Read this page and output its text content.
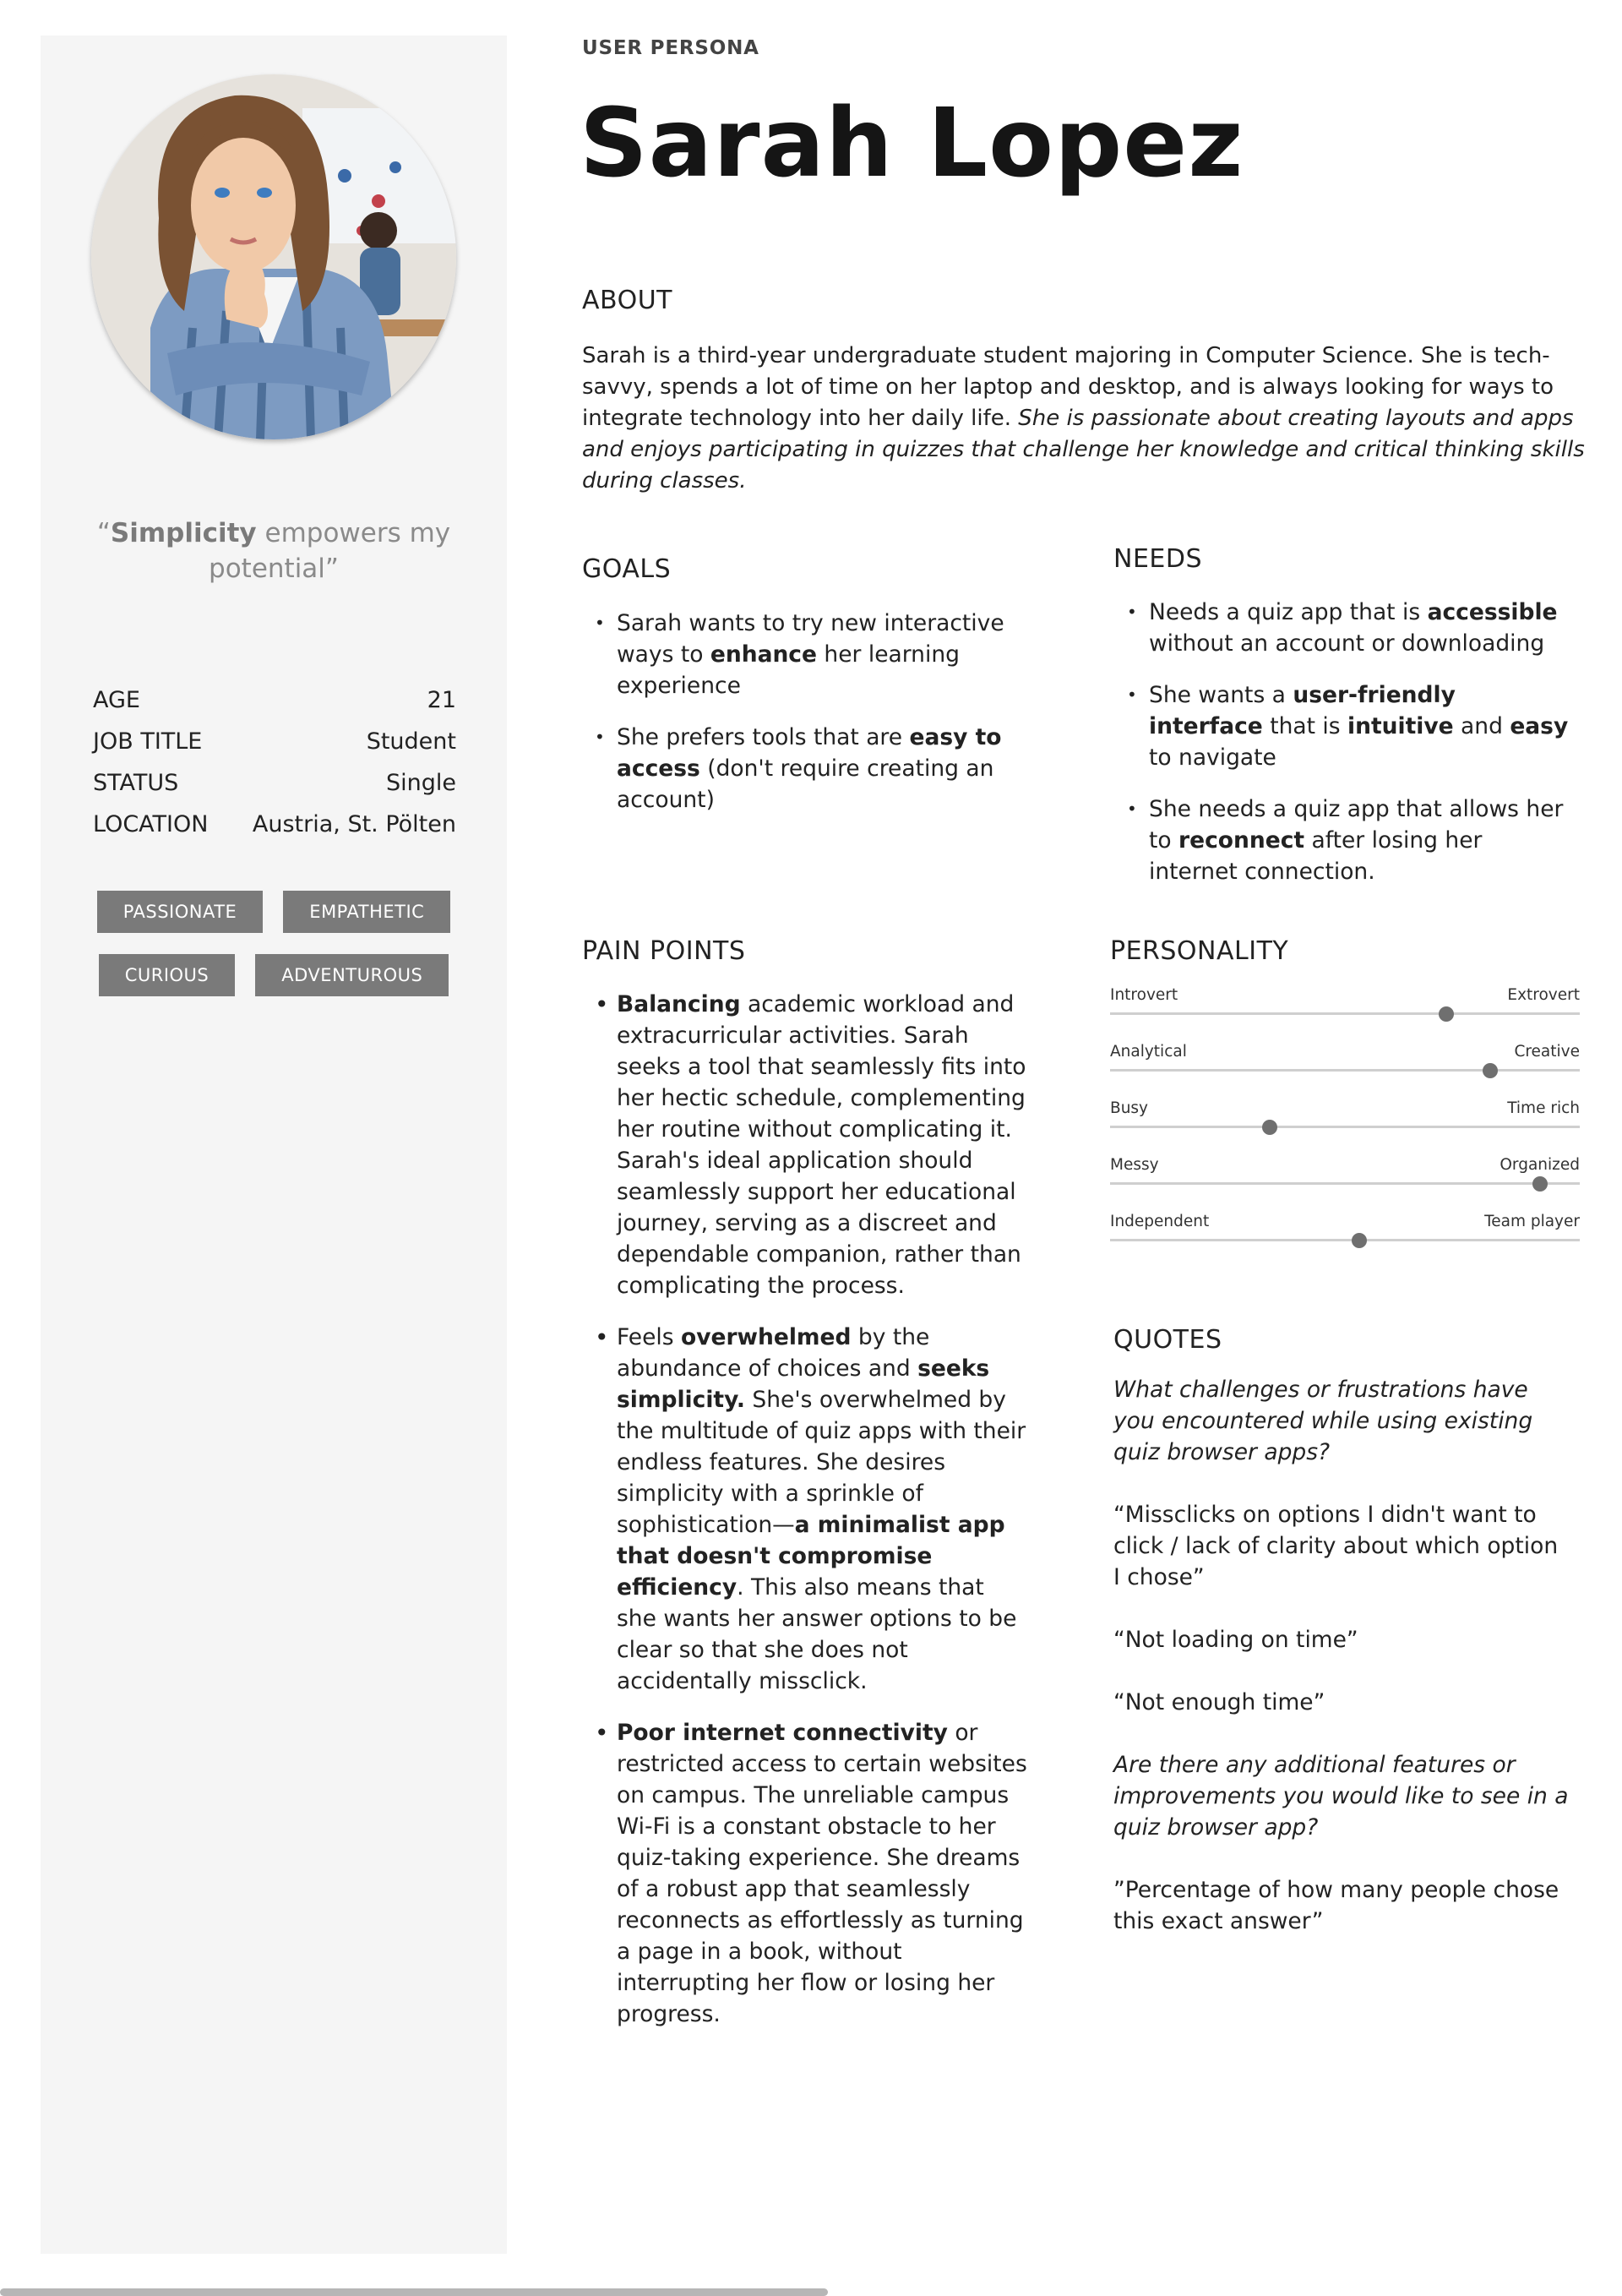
“Simplicity empowers my potential”
AGE	21
JOB TITLE	Student
STATUS	Single
LOCATION Austria, St. Pölten
PASSIONATE	EMPATHETIC
CURIOUS	ADVENTUROUS
USER PERSONA
Sarah Lopez
ABOUT
Sarah is a third-year undergraduate student majoring in Computer Science. She is tech-savvy, spends a lot of time on her laptop and desktop, and is always looking for ways to integrate technology into her daily life. She is passionate about creating layouts and apps and enjoys participating in quizzes that challenge her knowledge and critical thinking skills during classes.
GOALS
• Sarah wants to try new interactive ways to enhance her learning experience
• She prefers tools that are easy to access (don't require creating an account)
NEEDS
• Needs a quiz app that is accessible without an account or downloading
• She wants a user-friendly interface that is intuitive and easy to navigate
• She needs a quiz app that allows her to reconnect after losing her internet connection.
PAIN POINTS
• Balancing academic workload and extracurricular activities. Sarah seeks a tool that seamlessly fits into her hectic schedule, complementing her routine without complicating it. Sarah's ideal application should seamlessly support her educational journey, serving as a discreet and dependable companion, rather than complicating the process.
• Feels overwhelmed by the abundance of choices and seeks simplicity. She's overwhelmed by the multitude of quiz apps with their endless features. She desires simplicity with a sprinkle of sophistication—a minimalist app that doesn't compromise efficiency. This also means that she wants her answer options to be clear so that she does not accidentally missclick.
• Poor internet connectivity or restricted access to certain websites on campus. The unreliable campus Wi-Fi is a constant obstacle to her quiz-taking experience. She dreams of a robust app that seamlessly reconnects as effortlessly as turning a page in a book, without interrupting her flow or losing her progress.
PERSONALITY
Introvert	Extrovert
Analytical	Creative
Busy	Time rich
Messy	Organized
Independent	Team player
QUOTES

What challenges or frustrations have you encountered while using existing quiz browser apps?

“Missclicks on options I didn't want to click / lack of clarity about which option I chose”

“Not loading on time”

“Not enough time”

Are there any additional features or improvements you would like to see in a quiz browser app?

”Percentage of how many people chose this exact answer”
